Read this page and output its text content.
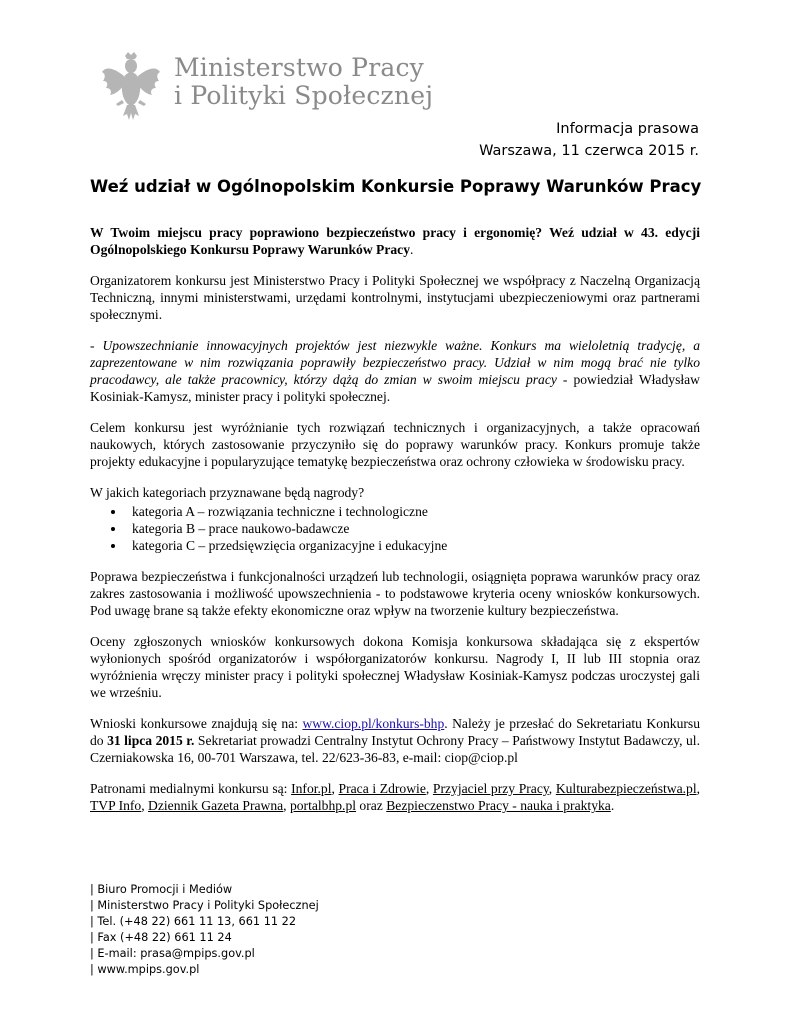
Ministerstwo Pracy
i Polityki Społecznej
Informacja prasowa
Warszawa, 11 czerwca 2015 r.
Weź udział w Ogólnopolskim Konkursie Poprawy Warunków Pracy

W Twoim miejscu pracy poprawiono bezpieczeństwo pracy i ergonomię? Weź udział w 43. edycji Ogólnopolskiego Konkursu Poprawy Warunków Pracy.

Organizatorem konkursu jest Ministerstwo Pracy i Polityki Społecznej we współpracy z Naczelną Organizacją Techniczną, innymi ministerstwami, urzędami kontrolnymi, instytucjami ubezpieczeniowymi oraz partnerami społecznymi.

- Upowszechnianie innowacyjnych projektów jest niezwykle ważne. Konkurs ma wieloletnią tradycję, a zaprezentowane w nim rozwiązania poprawiły bezpieczeństwo pracy. Udział w nim mogą brać nie tylko pracodawcy, ale także pracownicy, którzy dążą do zmian w swoim miejscu pracy - powiedział Władysław Kosiniak-Kamysz, minister pracy i polityki społecznej.

Celem konkursu jest wyróżnianie tych rozwiązań technicznych i organizacyjnych, a także opracowań naukowych, których zastosowanie przyczyniło się do poprawy warunków pracy. Konkurs promuje także projekty edukacyjne i popularyzujące tematykę bezpieczeństwa oraz ochrony człowieka w środowisku pracy.

W jakich kategoriach przyznawane będą nagrody?

• kategoria A – rozwiązania techniczne i technologiczne
• kategoria B – prace naukowo-badawcze
• kategoria C – przedsięwzięcia organizacyjne i edukacyjne

Poprawa bezpieczeństwa i funkcjonalności urządzeń lub technologii, osiągnięta poprawa warunków pracy oraz zakres zastosowania i możliwość upowszechnienia - to podstawowe kryteria oceny wniosków konkursowych. Pod uwagę brane są także efekty ekonomiczne oraz wpływ na tworzenie kultury bezpieczeństwa.

Oceny zgłoszonych wniosków konkursowych dokona Komisja konkursowa składająca się z ekspertów wyłonionych spośród organizatorów i współorganizatorów konkursu. Nagrody I, II lub III stopnia oraz wyróżnienia wręczy minister pracy i polityki społecznej Władysław Kosiniak-Kamysz podczas uroczystej gali we wrześniu.

Wnioski konkursowe znajdują się na: www.ciop.pl/konkurs-bhp. Należy je przesłać do Sekretariatu Konkursu do 31 lipca 2015 r. Sekretariat prowadzi Centralny Instytut Ochrony Pracy – Państwowy Instytut Badawczy, ul. Czerniakowska 16, 00-701 Warszawa, tel. 22/623-36-83, e-mail: ciop@ciop.pl

Patronami medialnymi konkursu są: Infor.pl, Praca i Zdrowie, Przyjaciel przy Pracy, Kulturabezpieczeństwa.pl, TVP Info, Dziennik Gazeta Prawna, portalbhp.pl oraz Bezpieczenstwo Pracy - nauka i praktyka.

| Biuro Promocji i Mediów
| Ministerstwo Pracy i Polityki Społecznej
| Tel. (+48 22) 661 11 13, 661 11 22
| Fax (+48 22) 661 11 24
| E-mail: prasa@mpips.gov.pl
| www.mpips.gov.pl
